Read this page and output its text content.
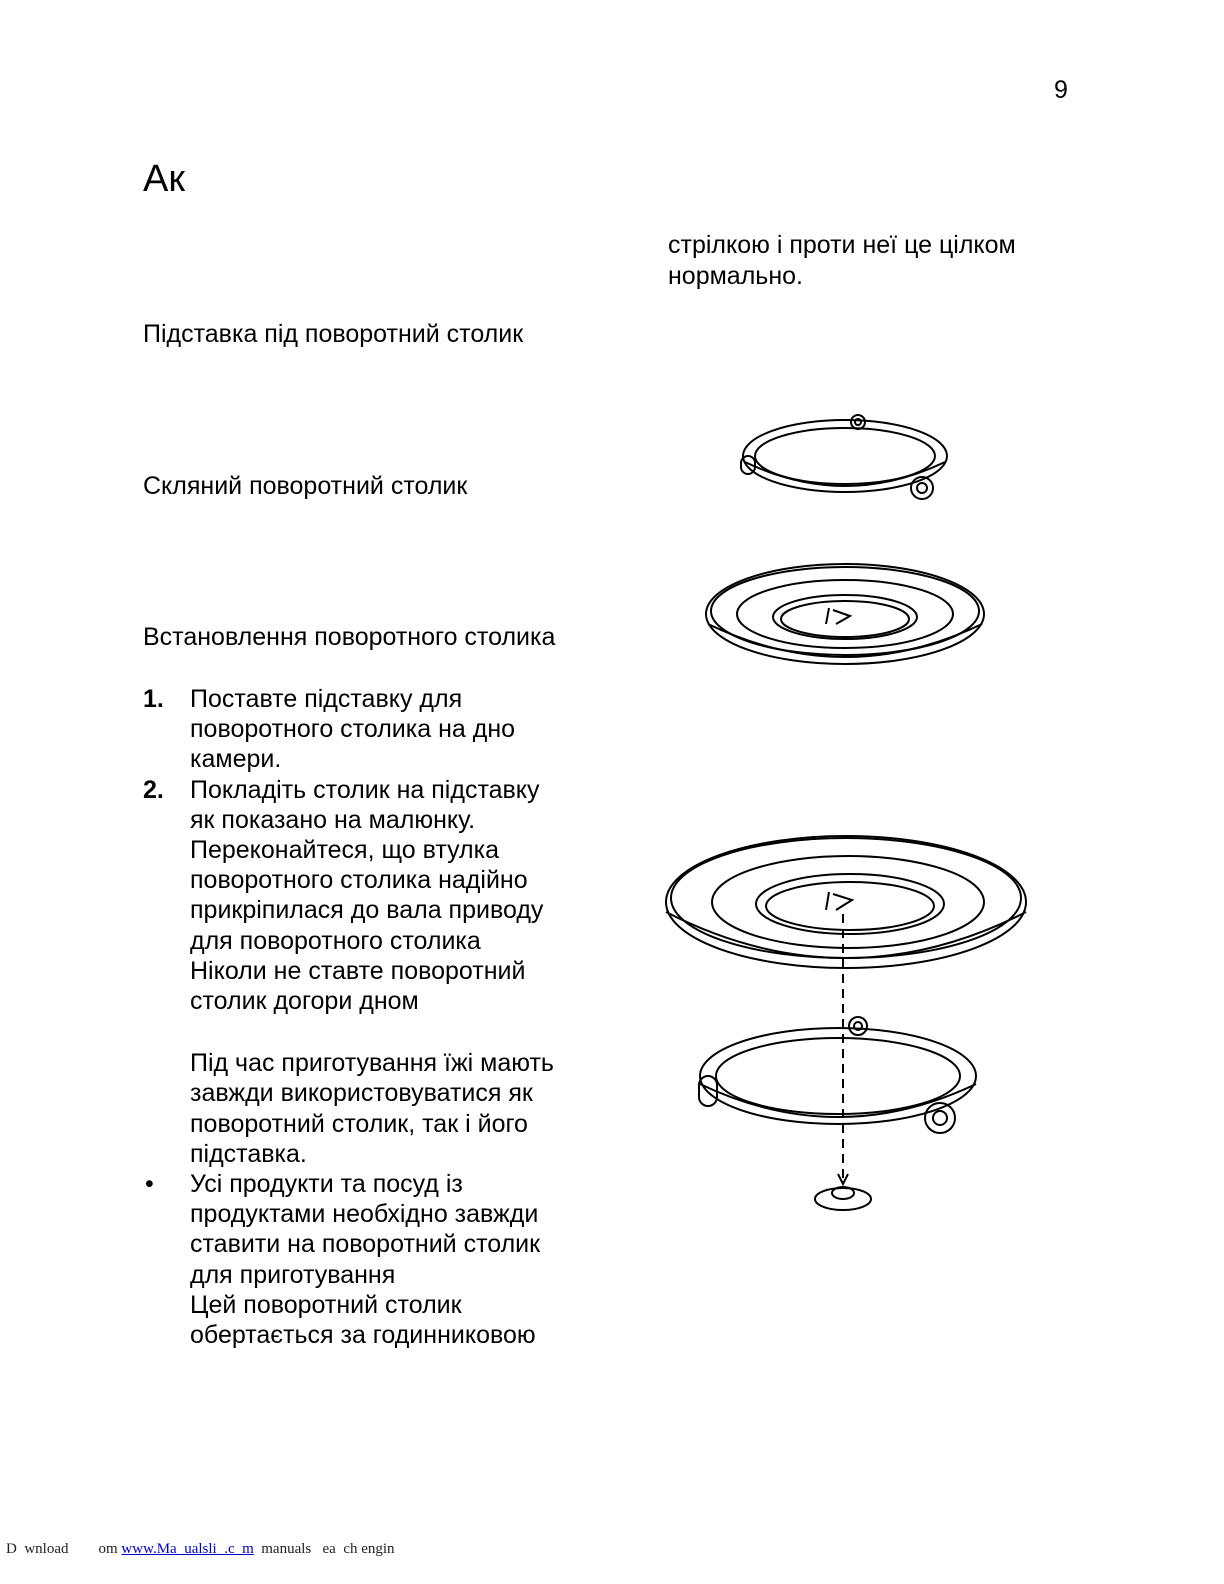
9
Ак
стрілкою і проти неї це цілком
нормально.
Підставка під поворотний столик
Скляний поворотний столик
Встановлення поворотного столика
1. Поставте підставку для
поворотного столика на дно
камери.
2. Покладіть столик на підставку
як показано на малюнку.
Переконайтеся, що втулка
поворотного столика надійно
прикріпилася до вала приводу
для поворотного столика
Ніколи не ставте поворотний
столик догори дном
Під час приготування їжі мають
завжди використовуватися як
поворотний столик, так і його
підставка.
• Усі продукти та посуд із
продуктами необхідно завжди
ставити на поворотний столик
для приготування
Цей поворотний столик
обертається за годинниковою
D  wnload        om www.Ma  ualsli  .c  m  manuals   ea  ch engin
